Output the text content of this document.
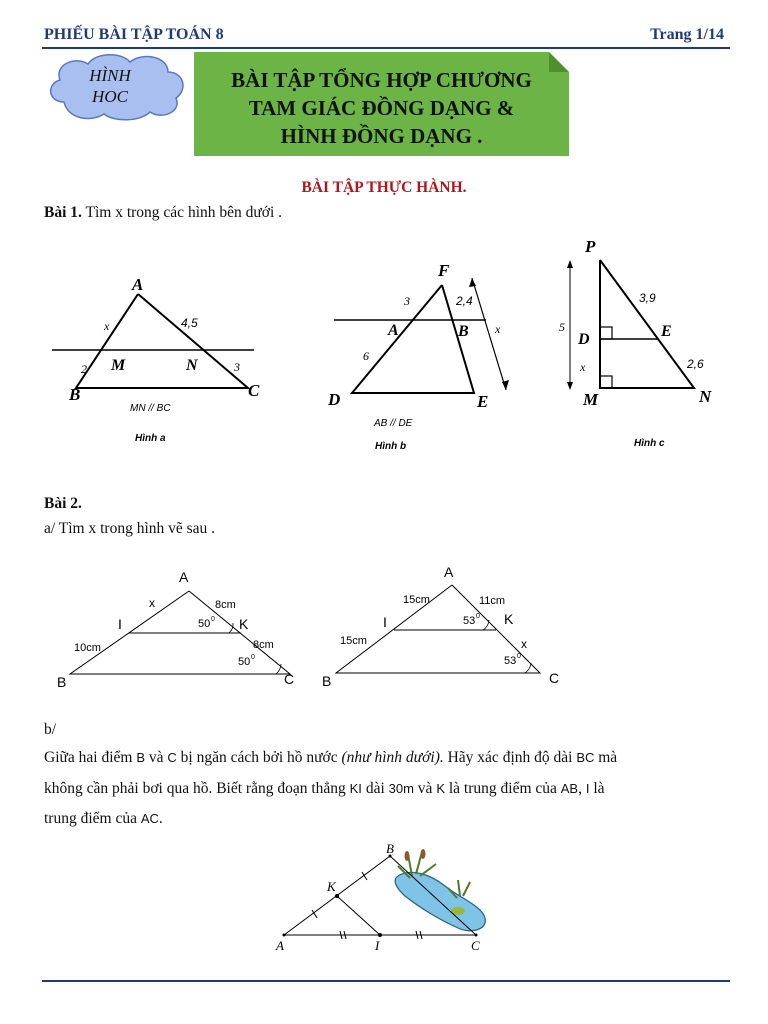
PHIẾU BÀI TẬP TOÁN 8	Trang 1/14
HÌNH
HOC
BÀI TẬP TỔNG HỢP CHƯƠNG
TAM GIÁC ĐỒNG DẠNG &
HÌNH ĐỒNG DẠNG .
BÀI TẬP THỰC HÀNH.
Bài 1. Tìm x trong các hình bên dưới .
A
B	C
M	N
x	4,5
2	3
MN // BC
Hình a
F
A	B
D	E
3	2,4
6
x
AB // DE
Hình b
P
D	E
M	N
3,9
5
2,6
x
Hình c
Bài 2.
a/ Tìm x trong hình vẽ sau .
A
B	C
I	K
x	8cm
8cm
10cm
50 0
50 0
A
B	C
I	K
x
15cm
15cm
11cm
53 0
53 0
b/
Giữa hai điểm B và C bị ngăn cách bởi hồ nước (như hình dưới). Hãy xác định độ dài BC mà
không cần phải bơi qua hồ. Biết rằng đoạn thẳng KI dài 30m và K là trung điểm của AB, I là
trung điểm của AC.
A
B
C
I
K
